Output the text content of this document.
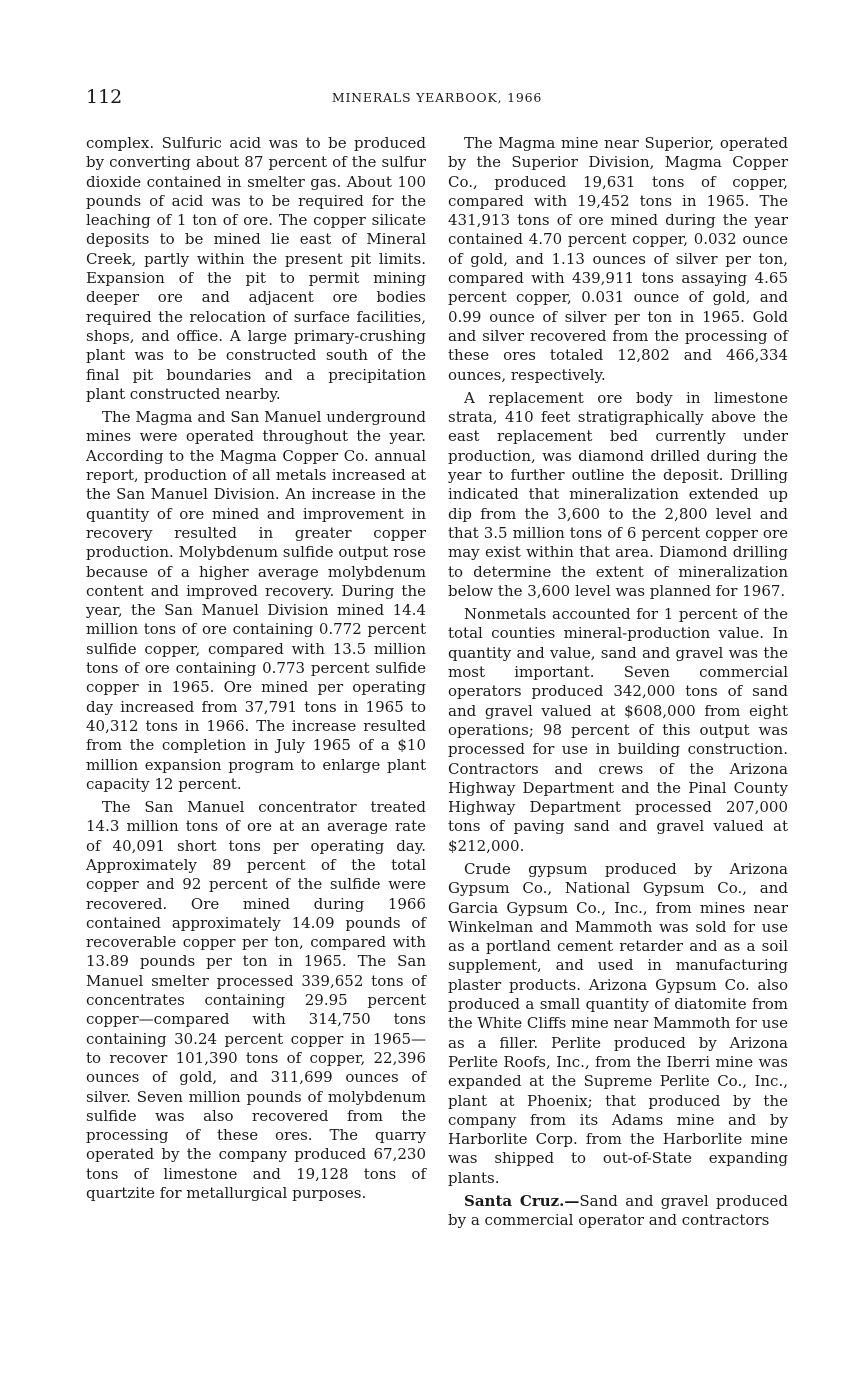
112	MINERALS YEARBOOK, 1966

complex. Sulfuric acid was to be produced by converting about 87 percent of the sulfur dioxide contained in smelter gas. About 100 pounds of acid was to be required for the leaching of 1 ton of ore. The copper silicate deposits to be mined lie east of Mineral Creek, partly within the present pit limits. Expansion of the pit to permit mining deeper ore and adjacent ore bodies required the relocation of surface facilities, shops, and office. A large primary-crushing plant was to be constructed south of the final pit boundaries and a precipitation plant constructed nearby.

The Magma and San Manuel underground mines were operated throughout the year. According to the Magma Copper Co. annual report, production of all metals increased at the San Manuel Division. An increase in the quantity of ore mined and improvement in recovery resulted in greater copper production. Molybdenum sulfide output rose because of a higher average molybdenum content and improved recovery. During the year, the San Manuel Division mined 14.4 million tons of ore containing 0.772 percent sulfide copper, compared with 13.5 million tons of ore containing 0.773 percent sulfide copper in 1965. Ore mined per operating day increased from 37,791 tons in 1965 to 40,312 tons in 1966. The increase resulted from the completion in July 1965 of a $10 million expansion program to enlarge plant capacity 12 percent.

The San Manuel concentrator treated 14.3 million tons of ore at an average rate of 40,091 short tons per operating day. Approximately 89 percent of the total copper and 92 percent of the sulfide were recovered. Ore mined during 1966 contained approximately 14.09 pounds of recoverable copper per ton, compared with 13.89 pounds per ton in 1965. The San Manuel smelter processed 339,652 tons of concentrates containing 29.95 percent copper—compared with 314,750 tons containing 30.24 percent copper in 1965—to recover 101,390 tons of copper, 22,396 ounces of gold, and 311,699 ounces of silver. Seven million pounds of molybdenum sulfide was also recovered from the processing of these ores. The quarry operated by the company produced 67,230 tons of limestone and 19,128 tons of quartzite for metallurgical purposes.

The Magma mine near Superior, operated by the Superior Division, Magma Copper Co., produced 19,631 tons of copper, compared with 19,452 tons in 1965. The 431,913 tons of ore mined during the year contained 4.70 percent copper, 0.032 ounce of gold, and 1.13 ounces of silver per ton, compared with 439,911 tons assaying 4.65 percent copper, 0.031 ounce of gold, and 0.99 ounce of silver per ton in 1965. Gold and silver recovered from the processing of these ores totaled 12,802 and 466,334 ounces, respectively.

A replacement ore body in limestone strata, 410 feet stratigraphically above the east replacement bed currently under production, was diamond drilled during the year to further outline the deposit. Drilling indicated that mineralization extended up dip from the 3,600 to the 2,800 level and that 3.5 million tons of 6 percent copper ore may exist within that area. Diamond drilling to determine the extent of mineralization below the 3,600 level was planned for 1967.

Nonmetals accounted for 1 percent of the total counties mineral-production value. In quantity and value, sand and gravel was the most important. Seven commercial operators produced 342,000 tons of sand and gravel valued at $608,000 from eight operations; 98 percent of this output was processed for use in building construction. Contractors and crews of the Arizona Highway Department and the Pinal County Highway Department processed 207,000 tons of paving sand and gravel valued at $212,000.

Crude gypsum produced by Arizona Gypsum Co., National Gypsum Co., and Garcia Gypsum Co., Inc., from mines near Winkelman and Mammoth was sold for use as a portland cement retarder and as a soil supplement, and used in manufacturing plaster products. Arizona Gypsum Co. also produced a small quantity of diatomite from the White Cliffs mine near Mammoth for use as a filler. Perlite produced by Arizona Perlite Roofs, Inc., from the Iberri mine was expanded at the Supreme Perlite Co., Inc., plant at Phoenix; that produced by the company from its Adams mine and by Harborlite Corp. from the Harborlite mine was shipped to out-of-State expanding plants.

Santa Cruz.—Sand and gravel produced by a commercial operator and contractors
